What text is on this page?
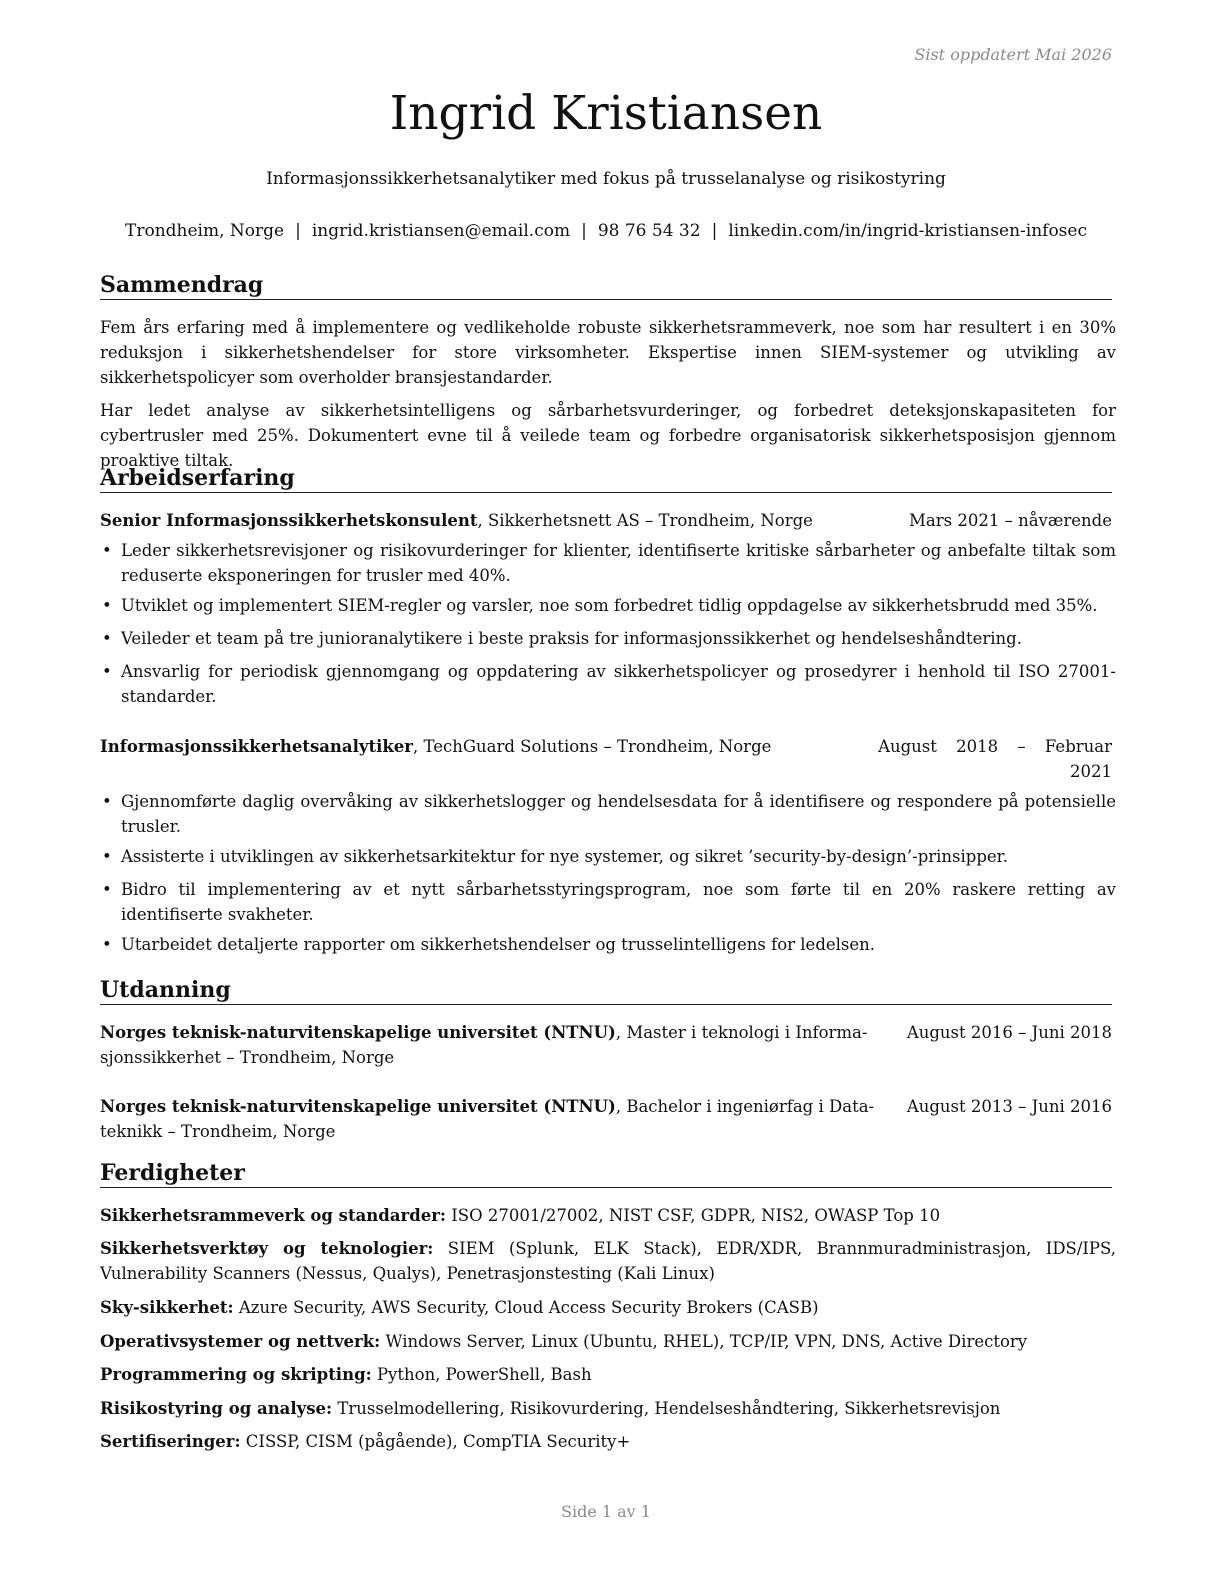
Sist oppdatert Mai 2026
Ingrid Kristiansen
Informasjonssikkerhetsanalytiker med fokus på trusselanalyse og risikostyring
Trondheim, Norge | ingrid.kristiansen@email.com | 98 76 54 32 | linkedin.com/in/ingrid-kristiansen-infosec
Sammendrag
Fem års erfaring med å implementere og vedlikeholde robuste sikkerhetsrammeverk, noe som har resultert i en 30% reduksjon i sikkerhetshendelser for store virksomheter. Ekspertise innen SIEM-systemer og utvikling av sikkerhetspolicyer som overholder bransjestandarder.
Har ledet analyse av sikkerhetsintelligens og sårbarhetsvurderinger, og forbedret deteksjonskapasiteten for cybertrusler med 25%. Dokumentert evne til å veilede team og forbedre organisatorisk sikkerhetsposisjon gjennom proaktive tiltak.
Arbeidserfaring
Senior Informasjonssikkerhetskonsulent, Sikkerhetsnett AS – Trondheim, Norge	Mars 2021 – nåværende
• Leder sikkerhetsrevisjoner og risikovurderinger for klienter, identifiserte kritiske sårbarheter og anbefalte tiltak som reduserte eksponeringen for trusler med 40%.
• Utviklet og implementert SIEM-regler og varsler, noe som forbedret tidlig oppdagelse av sikkerhetsbrudd med 35%.
• Veileder et team på tre junioranalytikere i beste praksis for informasjonssikkerhet og hendelseshåndtering.
• Ansvarlig for periodisk gjennomgang og oppdatering av sikkerhetspolicyer og prosedyrer i henhold til ISO 27001-standarder.
Informasjonssikkerhetsanalytiker, TechGuard Solutions – Trondheim, Norge	August 2018 – Februar
2021
• Gjennomførte daglig overvåking av sikkerhetslogger og hendelsesdata for å identifisere og respondere på potensielle trusler.
• Assisterte i utviklingen av sikkerhetsarkitektur for nye systemer, og sikret ’security-by-design’-prinsipper.
• Bidro til implementering av et nytt sårbarhetsstyringsprogram, noe som førte til en 20% raskere retting av identifiserte svakheter.
• Utarbeidet detaljerte rapporter om sikkerhetshendelser og trusselintelligens for ledelsen.
Utdanning
Norges teknisk-naturvitenskapelige universitet (NTNU), Master i teknologi i Informa-
sjonssikkerhet – Trondheim, Norge
August 2016 – Juni 2018
Norges teknisk-naturvitenskapelige universitet (NTNU), Bachelor i ingeniørfag i Data-
teknikk – Trondheim, Norge
August 2013 – Juni 2016
Ferdigheter
Sikkerhetsrammeverk og standarder: ISO 27001/27002, NIST CSF, GDPR, NIS2, OWASP Top 10
Sikkerhetsverktøy og teknologier: SIEM (Splunk, ELK Stack), EDR/XDR, Brannmuradministrasjon, IDS/IPS, Vulnerability Scanners (Nessus, Qualys), Penetrasjonstesting (Kali Linux)
Sky-sikkerhet: Azure Security, AWS Security, Cloud Access Security Brokers (CASB)
Operativsystemer og nettverk: Windows Server, Linux (Ubuntu, RHEL), TCP/IP, VPN, DNS, Active Directory
Programmering og skripting: Python, PowerShell, Bash
Risikostyring og analyse: Trusselmodellering, Risikovurdering, Hendelseshåndtering, Sikkerhetsrevisjon
Sertifiseringer: CISSP, CISM (pågående), CompTIA Security+
Side 1 av 1
